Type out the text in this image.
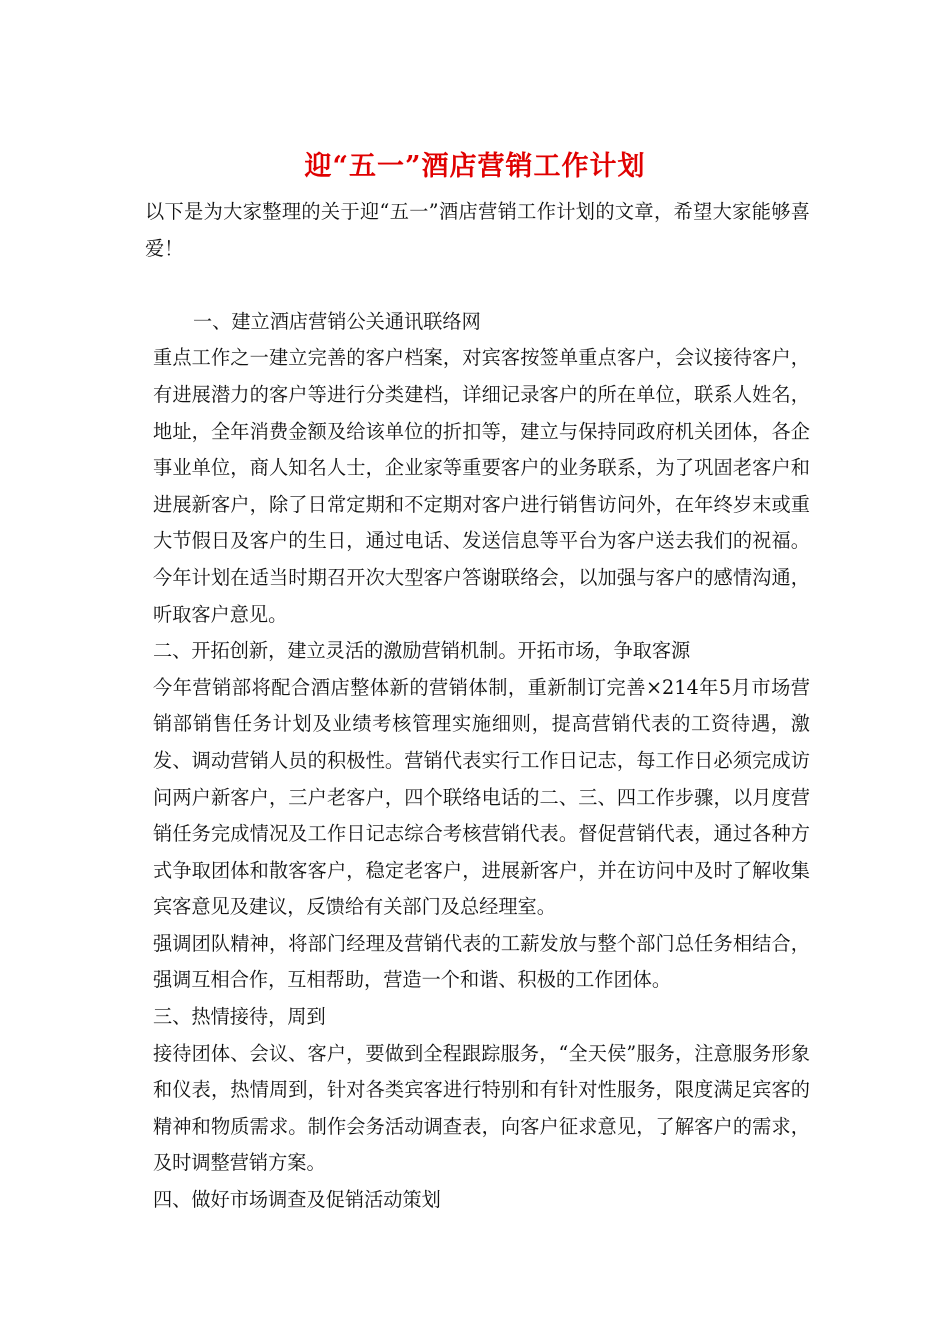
迎“五一”酒店营销工作计划

以下是为大家整理的关于迎“五一”酒店营销工作计划的文章，希望大家能够喜爱！

一、建立酒店营销公关通讯联络网

重点工作之一建立完善的客户档案，对宾客按签单重点客户，会议接待客户，有进展潜力的客户等进行分类建档，详细记录客户的所在单位，联系人姓名，地址，全年消费金额及给该单位的折扣等，建立与保持同政府机关团体，各企事业单位，商人知名人士，企业家等重要客户的业务联系，为了巩固老客户和进展新客户，除了日常定期和不定期对客户进行销售访问外，在年终岁末或重大节假日及客户的生日，通过电话、发送信息等平台为客户送去我们的祝福。今年计划在适当时期召开次大型客户答谢联络会，以加强与客户的感情沟通，听取客户意见。

二、开拓创新，建立灵活的激励营销机制。开拓市场，争取客源

今年营销部将配合酒店整体新的营销体制，重新制订完善×214年5月市场营销部销售任务计划及业绩考核管理实施细则，提高营销代表的工资待遇，激发、调动营销人员的积极性。营销代表实行工作日记志，每工作日必须完成访问两户新客户，三户老客户，四个联络电话的二、三、四工作步骤，以月度营销任务完成情况及工作日记志综合考核营销代表。督促营销代表，通过各种方式争取团体和散客客户，稳定老客户，进展新客户，并在访问中及时了解收集宾客意见及建议，反馈给有关部门及总经理室。

强调团队精神，将部门经理及营销代表的工薪发放与整个部门总任务相结合，强调互相合作，互相帮助，营造一个和谐、积极的工作团体。

三、热情接待，周到

接待团体、会议、客户，要做到全程跟踪服务，“全天侯”服务，注意服务形象和仪表，热情周到，针对各类宾客进行特别和有针对性服务，限度满足宾客的精神和物质需求。制作会务活动调查表，向客户征求意见，了解客户的需求，及时调整营销方案。

四、做好市场调查及促销活动策划
